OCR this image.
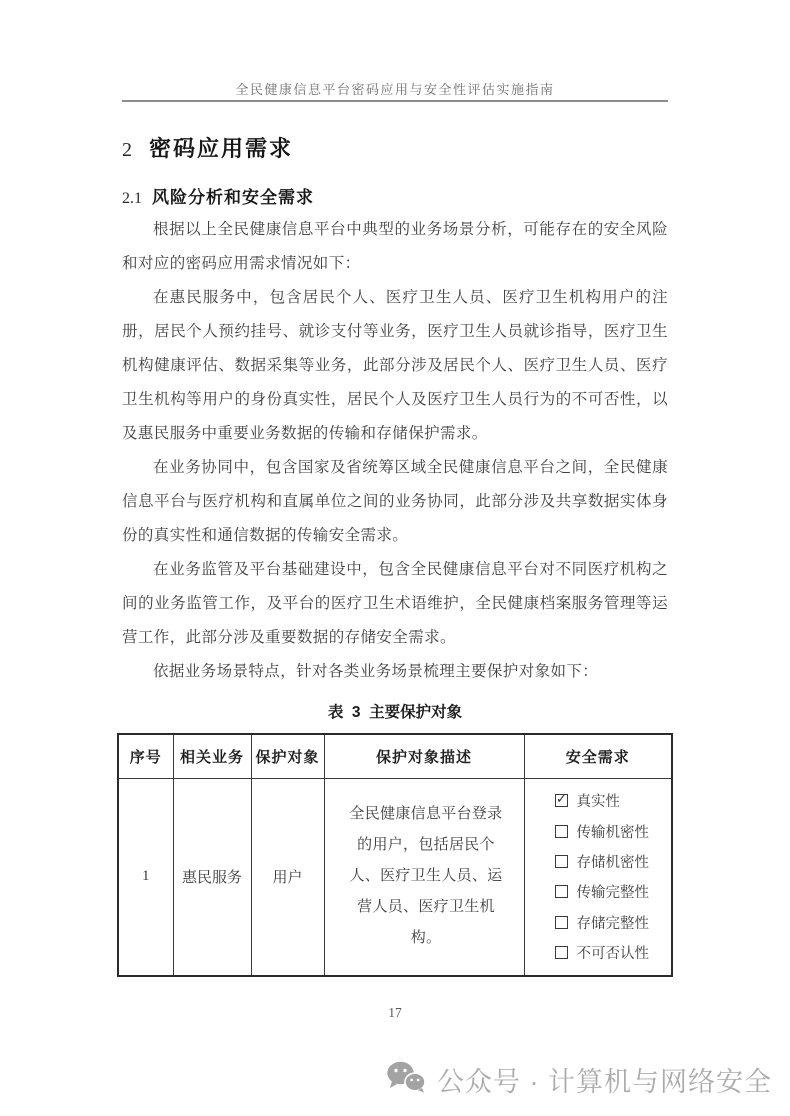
全民健康信息平台密码应用与安全性评估实施指南
2 密码应用需求
2.1 风险分析和安全需求

根据以上全民健康信息平台中典型的业务场景分析，可能存在的安全风险和对应的密码应用需求情况如下：

在惠民服务中，包含居民个人、医疗卫生人员、医疗卫生机构用户的注册，居民个人预约挂号、就诊支付等业务，医疗卫生人员就诊指导，医疗卫生机构健康评估、数据采集等业务，此部分涉及居民个人、医疗卫生人员、医疗卫生机构等用户的身份真实性，居民个人及医疗卫生人员行为的不可否性，以及惠民服务中重要业务数据的传输和存储保护需求。

在业务协同中，包含国家及省统筹区域全民健康信息平台之间，全民健康信息平台与医疗机构和直属单位之间的业务协同，此部分涉及共享数据实体身份的真实性和通信数据的传输安全需求。

在业务监管及平台基础建设中，包含全民健康信息平台对不同医疗机构之间的业务监管工作，及平台的医疗卫生术语维护，全民健康档案服务管理等运营工作，此部分涉及重要数据的存储安全需求。

依据业务场景特点，针对各类业务场景梳理主要保护对象如下：

表  3  主要保护对象
序号	相关业务	保护对象	保护对象描述	安全需求
1	惠民服务	用户	全民健康信息平台登录的用户，包括居民个人、医疗卫生人员、运营人员、医疗卫生机构。	
✓
真实性
传输机密性
存储机密性
传输完整性
存储完整性
不可否认性
17
公众号 · 计算机与网络安全
